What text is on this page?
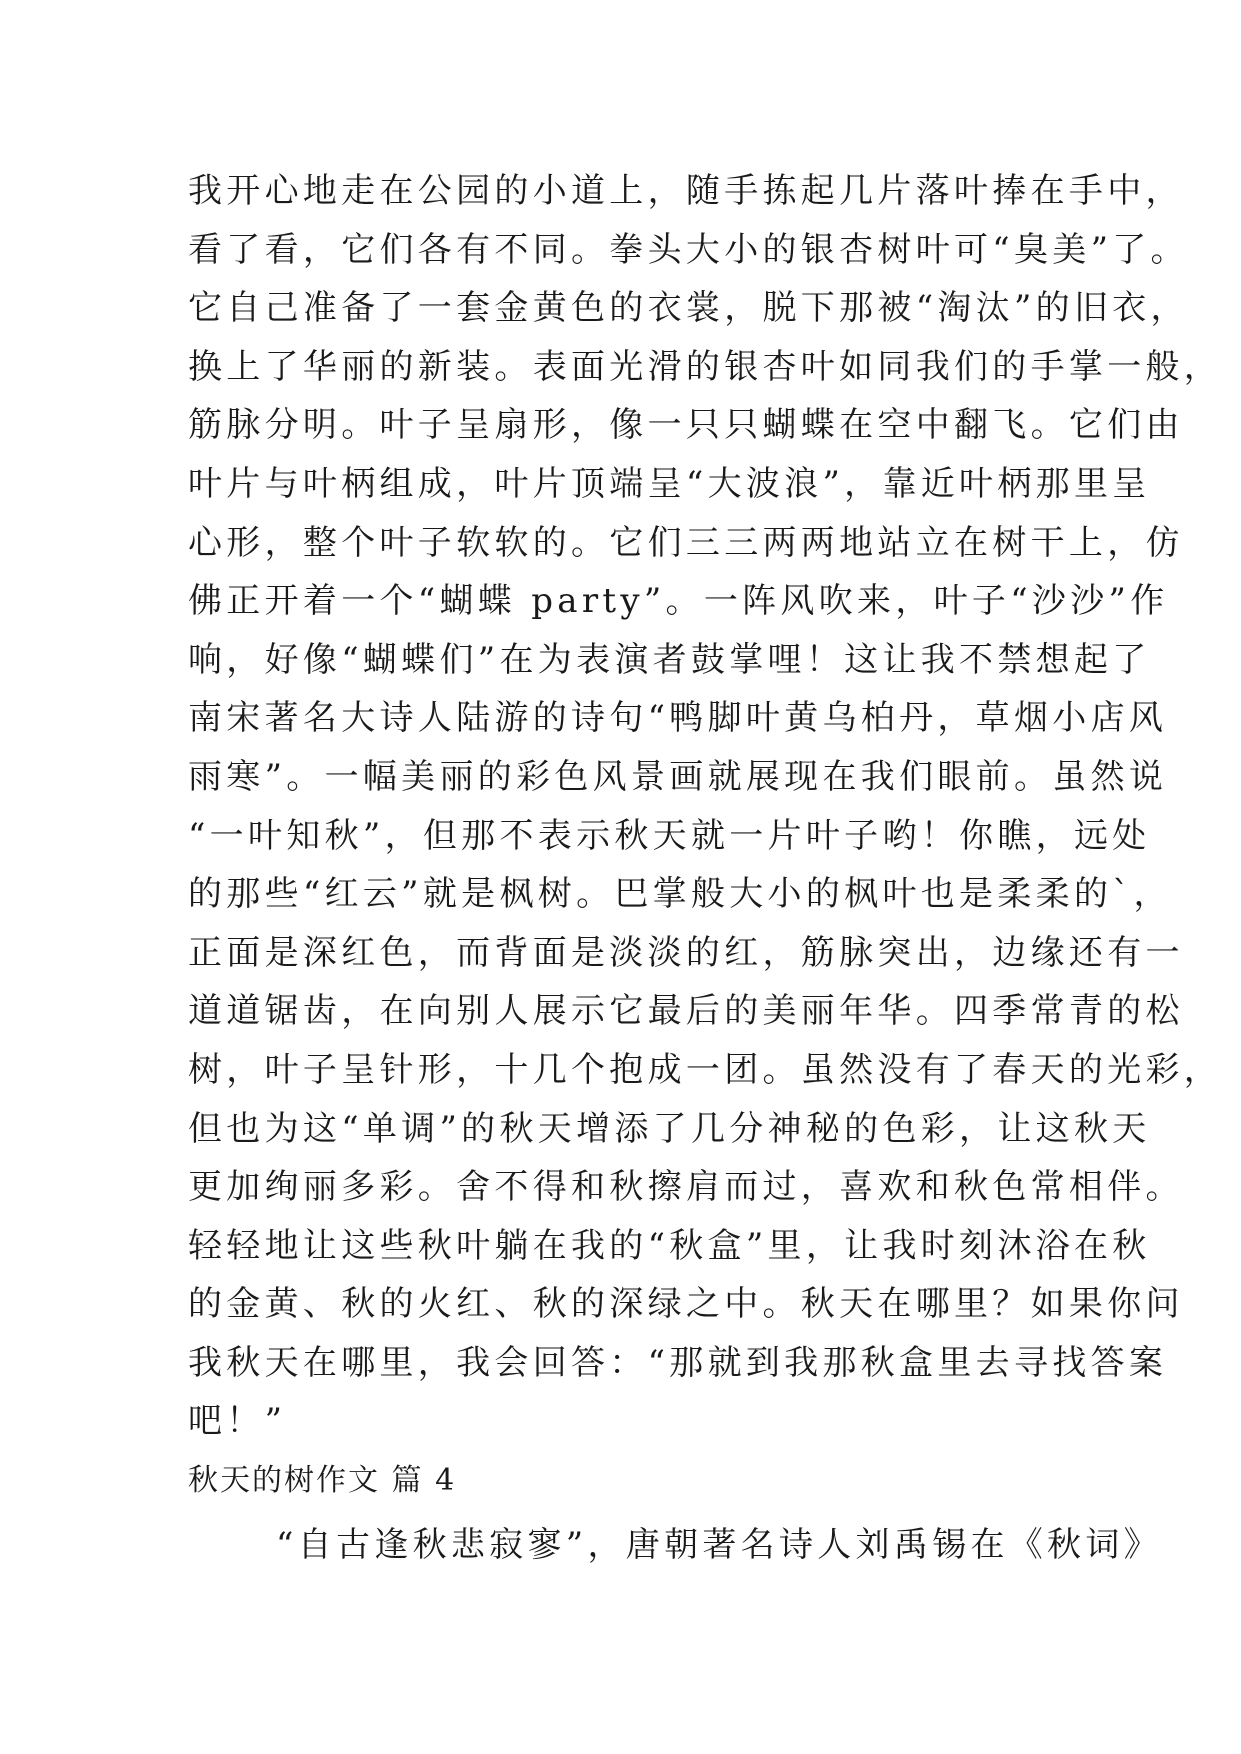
我开心地走在公园的小道上，随手拣起几片落叶捧在手中，
看了看，它们各有不同。拳头大小的银杏树叶可“臭美”了。
它自己准备了一套金黄色的衣裳，脱下那被“淘汰”的旧衣，
换上了华丽的新装。表面光滑的银杏叶如同我们的手掌一般，
筋脉分明。叶子呈扇形，像一只只蝴蝶在空中翻飞。它们由
叶片与叶柄组成，叶片顶端呈“大波浪”，靠近叶柄那里呈
心形，整个叶子软软的。它们三三两两地站立在树干上，仿
佛正开着一个“蝴蝶 party”。一阵风吹来，叶子“沙沙”作
响，好像“蝴蝶们”在为表演者鼓掌哩！这让我不禁想起了
南宋著名大诗人陆游的诗句“鸭脚叶黄乌柏丹，草烟小店风
雨寒”。一幅美丽的彩色风景画就展现在我们眼前。虽然说
“一叶知秋”，但那不表示秋天就一片叶子哟！你瞧，远处
的那些“红云”就是枫树。巴掌般大小的枫叶也是柔柔的`，
正面是深红色，而背面是淡淡的红，筋脉突出，边缘还有一
道道锯齿，在向别人展示它最后的美丽年华。四季常青的松
树，叶子呈针形，十几个抱成一团。虽然没有了春天的光彩，
但也为这“单调”的秋天增添了几分神秘的色彩，让这秋天
更加绚丽多彩。舍不得和秋擦肩而过，喜欢和秋色常相伴。
轻轻地让这些秋叶躺在我的“秋盒”里，让我时刻沐浴在秋
的金黄、秋的火红、秋的深绿之中。秋天在哪里？如果你问
我秋天在哪里，我会回答：“那就到我那秋盒里去寻找答案
吧！”
秋天的树作文 篇 4
“自古逢秋悲寂寥”，唐朝著名诗人刘禹锡在《秋词》
